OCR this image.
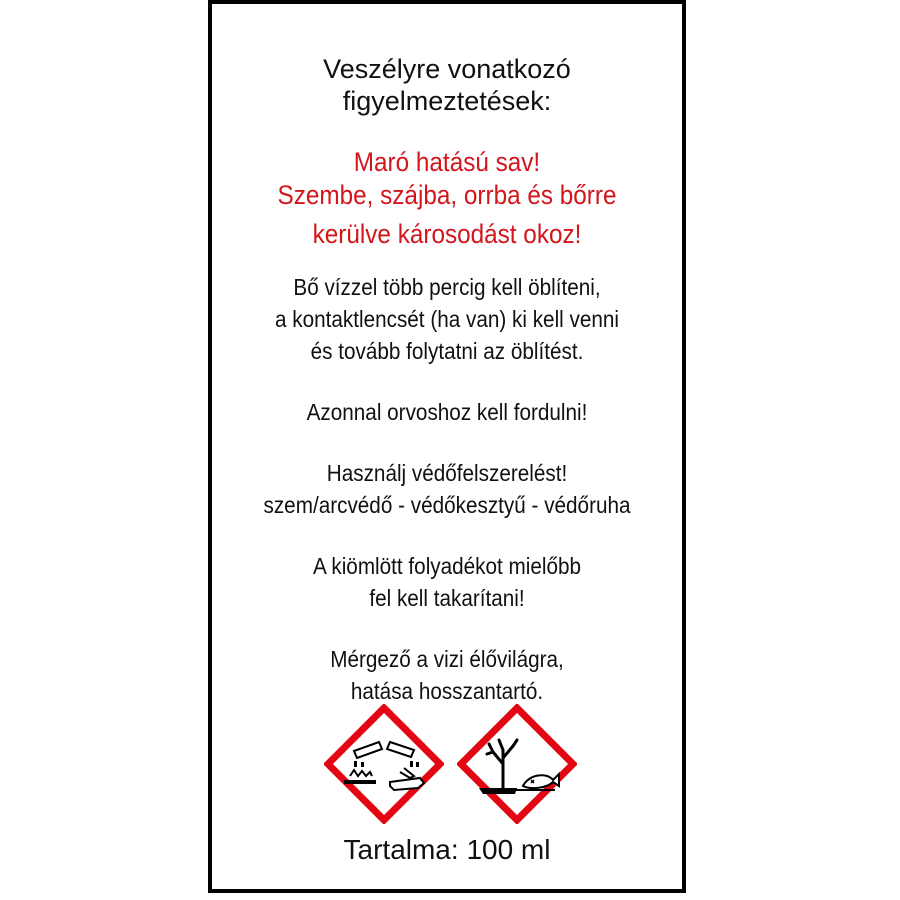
Veszélyre vonatkozó
figyelmeztetések:
Maró hatású sav!
Szembe, szájba, orrba és bőrre
kerülve károsodást okoz!
Bő vízzel több percig kell öblíteni,
a kontaktlencsét (ha van) ki kell venni
és tovább folytatni az öblítést.
Azonnal orvoshoz kell fordulni!
Használj védőfelszerelést!
szem/arcvédő - védőkesztyű - védőruha
A kiömlött folyadékot mielőbb
fel kell takarítani!
Mérgező a vizi élővilágra,
hatása hosszantartó.
Tartalma: 100 ml
